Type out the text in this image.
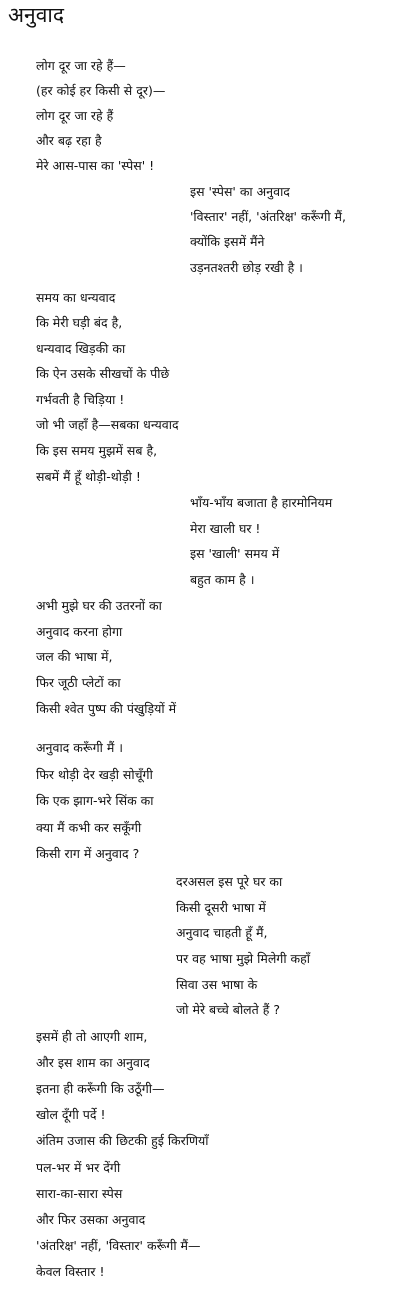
अनुवाद
लोग दूर जा रहे हैं—
(हर कोई हर किसी से दूर)—
लोग दूर जा रहे हैं
और बढ़ रहा है
मेरे आस-पास का 'स्पेस' !
इस 'स्पेस' का अनुवाद
'विस्तार' नहीं, 'अंतरिक्ष' करूँगी मैं,
क्योंकि इसमें मैंने
उड़नतश्तरी छोड़ रखी है ।
समय का धन्यवाद
कि मेरी घड़ी बंद है,
धन्यवाद खिड़की का
कि ऐन उसके सीखचों के पीछे
गर्भवती है चिड़िया !
जो भी जहाँ है—सबका धन्यवाद
कि इस समय मुझमें सब है,
सबमें मैं हूँ थोड़ी-थोड़ी !
भाँय-भाँय बजाता है हारमोनियम
मेरा खाली घर !
इस 'खाली' समय में
बहुत काम है ।
अभी मुझे घर की उतरनों का
अनुवाद करना होगा
जल की भाषा में,
फिर जूठी प्लेटों का
किसी श्वेत पुष्प की पंखुड़ियों में
अनुवाद करूँगी मैं ।
फिर थोड़ी देर खड़ी सोचूँगी
कि एक झाग-भरे सिंक का
क्या मैं कभी कर सकूँगी
किसी राग में अनुवाद ?
दरअसल इस पूरे घर का
किसी दूसरी भाषा में
अनुवाद चाहती हूँ मैं,
पर वह भाषा मुझे मिलेगी कहाँ
सिवा उस भाषा के
जो मेरे बच्चे बोलते हैं ?
इसमें ही तो आएगी शाम,
और इस शाम का अनुवाद
इतना ही करूँगी कि उठूँगी—
खोल दूँगी पर्दे !
अंतिम उजास की छिटकी हुई किरणियाँ
पल-भर में भर देंगी
सारा-का-सारा स्पेस
और फिर उसका अनुवाद
'अंतरिक्ष' नहीं, 'विस्तार' करूँगी मैं—
केवल विस्तार !
